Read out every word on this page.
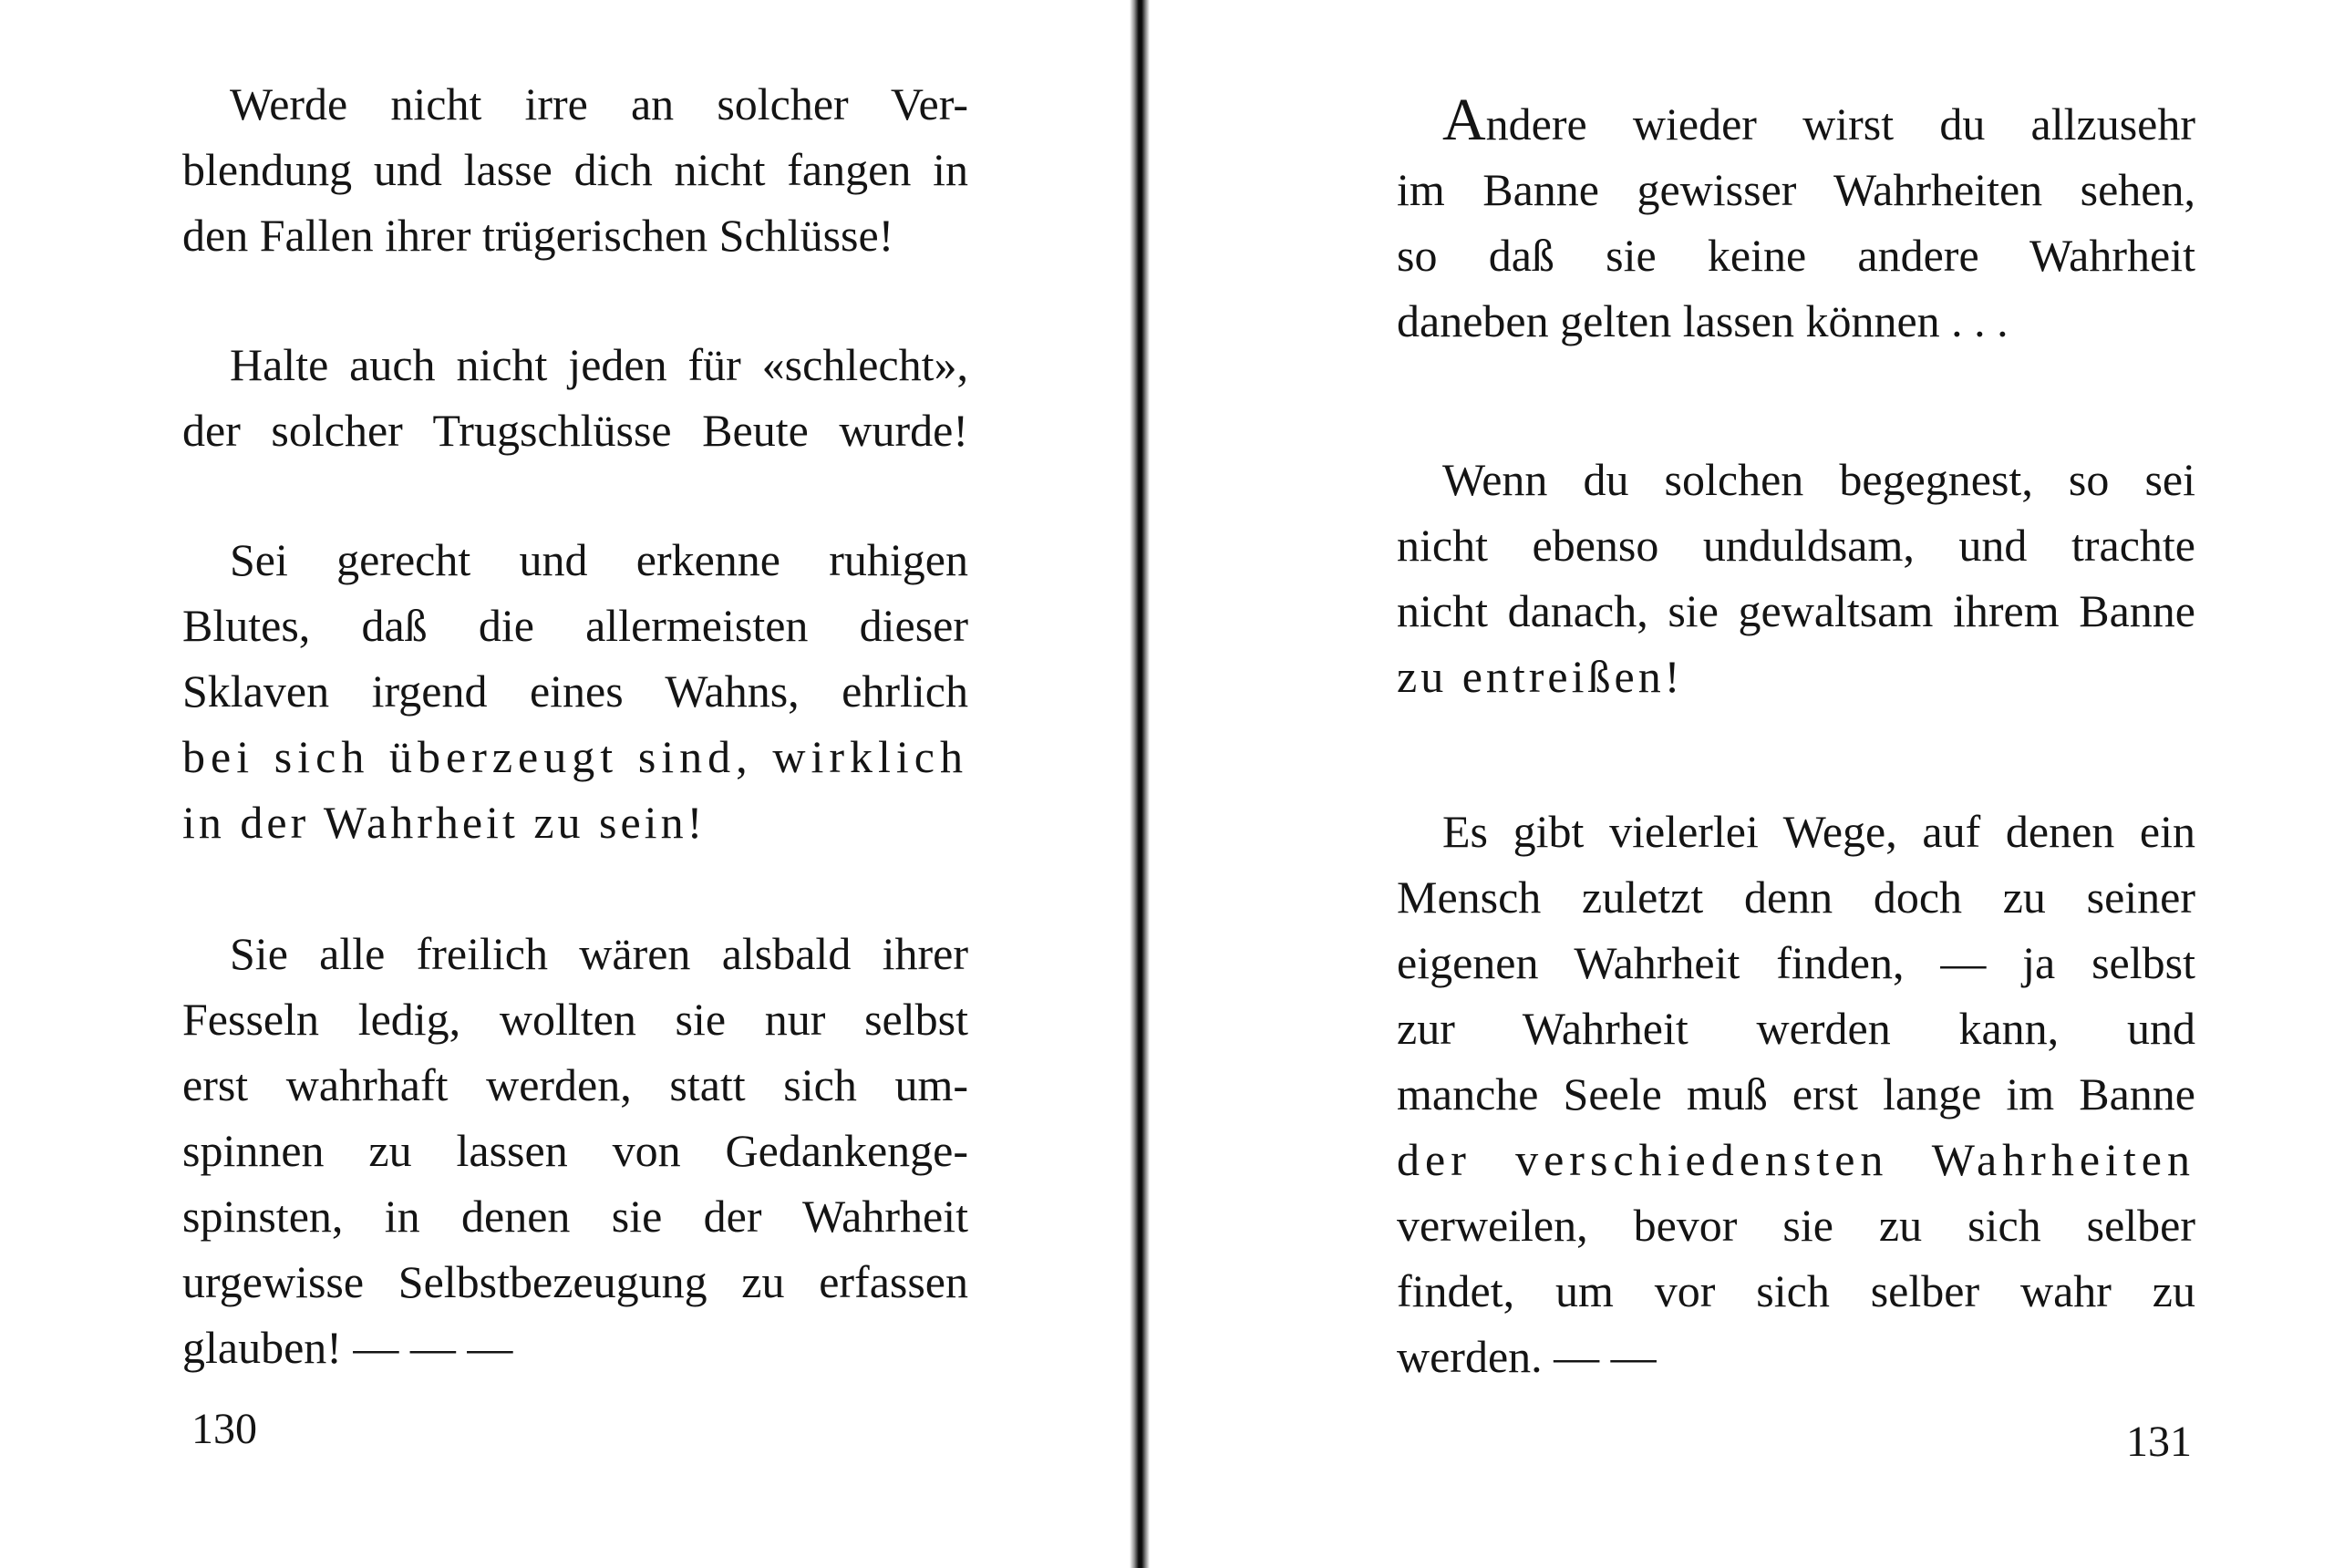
Werde nicht irre an solcher Ver-

blendung und lasse dich nicht fangen in

den Fallen ihrer trügerischen Schlüsse!

Halte auch nicht jeden für «schlecht»,

der solcher Trugschlüsse Beute wurde!

Sei gerecht und erkenne ruhigen

Blutes, daß die allermeisten dieser

Sklaven irgend eines Wahns, ehrlich

bei sich überzeugt sind, wirklich

in der Wahrheit zu sein!

Sie alle freilich wären alsbald ihrer

Fesseln ledig, wollten sie nur selbst

erst wahrhaft werden, statt sich um-

spinnen zu lassen von Gedankenge-

spinsten, in denen sie der Wahrheit

urgewisse Selbstbezeugung zu erfassen

glauben! — — —

130

Andere wieder wirst du allzusehr

im Banne gewisser Wahrheiten sehen,

so daß sie keine andere Wahrheit

daneben gelten lassen können . . .

Wenn du solchen begegnest, so sei

nicht ebenso unduldsam, und trachte

nicht danach, sie gewaltsam ihrem Banne

zu entreißen!

Es gibt vielerlei Wege, auf denen ein

Mensch zuletzt denn doch zu seiner

eigenen Wahrheit finden, — ja selbst

zur Wahrheit werden kann, und

manche Seele muß erst lange im Banne

der verschiedensten Wahrheiten

verweilen, bevor sie zu sich selber

findet, um vor sich selber wahr zu

werden. — —

131
